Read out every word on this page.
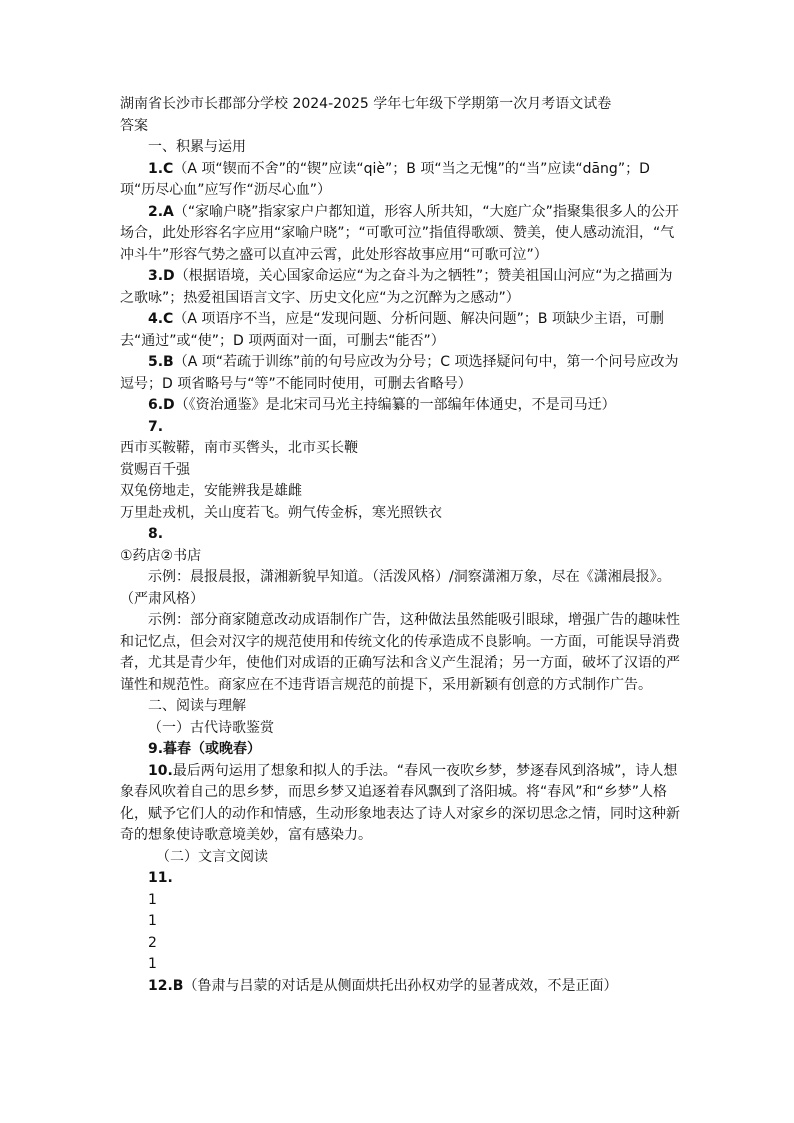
湖南省长沙市长郡部分学校 2024-2025 学年七年级下学期第一次月考语文试卷

答案

一、积累与运用

1.C（A 项“锲而不舍”的“锲”应读“qiè”；B 项“当之无愧”的“当”应读“dāng”；D 项“历尽心血”应写作“沥尽心血”）

2.A（“家喻户晓”指家家户户都知道，形容人所共知，“大庭广众”指聚集很多人的公开场合，此处形容名字应用“家喻户晓”；“可歌可泣”指值得歌颂、赞美，使人感动流泪，“气冲斗牛”形容气势之盛可以直冲云霄，此处形容故事应用“可歌可泣”）

3.D（根据语境，关心国家命运应“为之奋斗为之牺牲”；赞美祖国山河应“为之描画为之歌咏”；热爱祖国语言文字、历史文化应“为之沉醉为之感动”）

4.C（A 项语序不当，应是“发现问题、分析问题、解决问题”；B 项缺少主语，可删去“通过”或“使”；D 项两面对一面，可删去“能否”）

5.B（A 项“若疏于训练”前的句号应改为分号；C 项选择疑问句中，第一个问号应改为逗号；D 项省略号与“等”不能同时使用，可删去省略号）

6.D（《资治通鉴》是北宋司马光主持编纂的一部编年体通史，不是司马迁）

7.

西市买鞍鞯，南市买辔头，北市买长鞭

赏赐百千强

双兔傍地走，安能辨我是雄雌

万里赴戎机，关山度若飞。朔气传金柝，寒光照铁衣

8.

①药店②书店

示例：晨报晨报，潇湘新貌早知道。（活泼风格）/洞察潇湘万象，尽在《潇湘晨报》。（严肃风格）

示例：部分商家随意改动成语制作广告，这种做法虽然能吸引眼球，增强广告的趣味性和记忆点，但会对汉字的规范使用和传统文化的传承造成不良影响。一方面，可能误导消费者，尤其是青少年，使他们对成语的正确写法和含义产生混淆；另一方面，破坏了汉语的严谨性和规范性。商家应在不违背语言规范的前提下，采用新颖有创意的方式制作广告。

二、阅读与理解

（一）古代诗歌鉴赏

9.暮春（或晚春）

10.最后两句运用了想象和拟人的手法。“春风一夜吹乡梦，梦逐春风到洛城”，诗人想象春风吹着自己的思乡梦，而思乡梦又追逐着春风飘到了洛阳城。将“春风”和“乡梦”人格化，赋予它们人的动作和情感，生动形象地表达了诗人对家乡的深切思念之情，同时这种新奇的想象使诗歌意境美妙，富有感染力。

（二）文言文阅读

11.

1

1

2

1

12.B（鲁肃与吕蒙的对话是从侧面烘托出孙权劝学的显著成效，不是正面）
